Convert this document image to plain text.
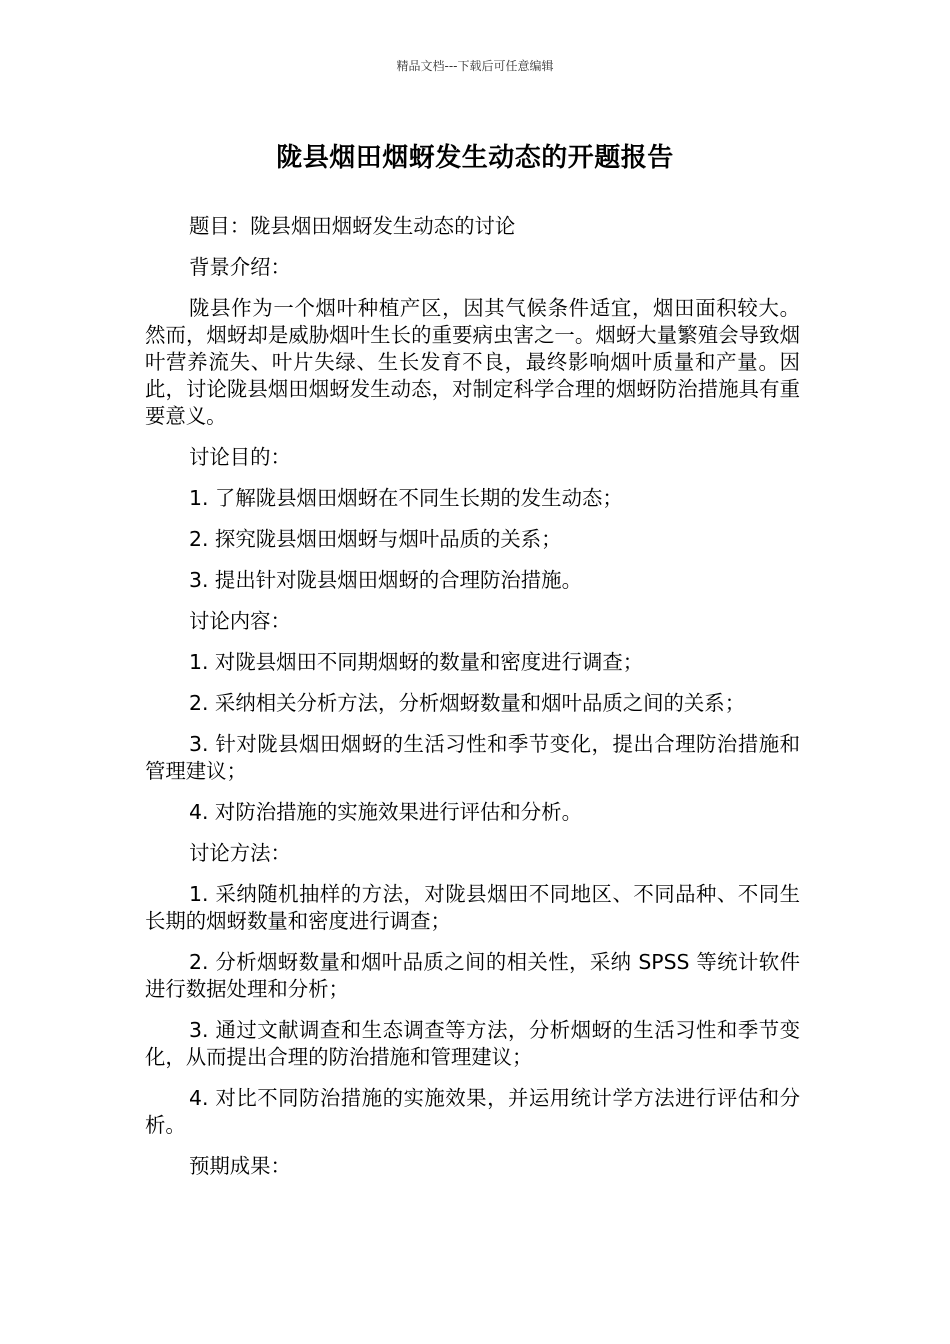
精品文档---下载后可任意编辑
陇县烟田烟蚜发生动态的开题报告

题目：陇县烟田烟蚜发生动态的讨论

背景介绍：

陇县作为一个烟叶种植产区，因其气候条件适宜，烟田面积较大。然而，烟蚜却是威胁烟叶生长的重要病虫害之一。烟蚜大量繁殖会导致烟叶营养流失、叶片失绿、生长发育不良，最终影响烟叶质量和产量。因此，讨论陇县烟田烟蚜发生动态，对制定科学合理的烟蚜防治措施具有重要意义。

讨论目的：

1. 了解陇县烟田烟蚜在不同生长期的发生动态；

2. 探究陇县烟田烟蚜与烟叶品质的关系；

3. 提出针对陇县烟田烟蚜的合理防治措施。

讨论内容：

1. 对陇县烟田不同期烟蚜的数量和密度进行调查；

2. 采纳相关分析方法，分析烟蚜数量和烟叶品质之间的关系；

3. 针对陇县烟田烟蚜的生活习性和季节变化，提出合理防治措施和管理建议；

4. 对防治措施的实施效果进行评估和分析。

讨论方法：

1. 采纳随机抽样的方法，对陇县烟田不同地区、不同品种、不同生长期的烟蚜数量和密度进行调查；

2. 分析烟蚜数量和烟叶品质之间的相关性，采纳 SPSS 等统计软件进行数据处理和分析；

3. 通过文献调查和生态调查等方法，分析烟蚜的生活习性和季节变化，从而提出合理的防治措施和管理建议；

4. 对比不同防治措施的实施效果，并运用统计学方法进行评估和分析。

预期成果：
